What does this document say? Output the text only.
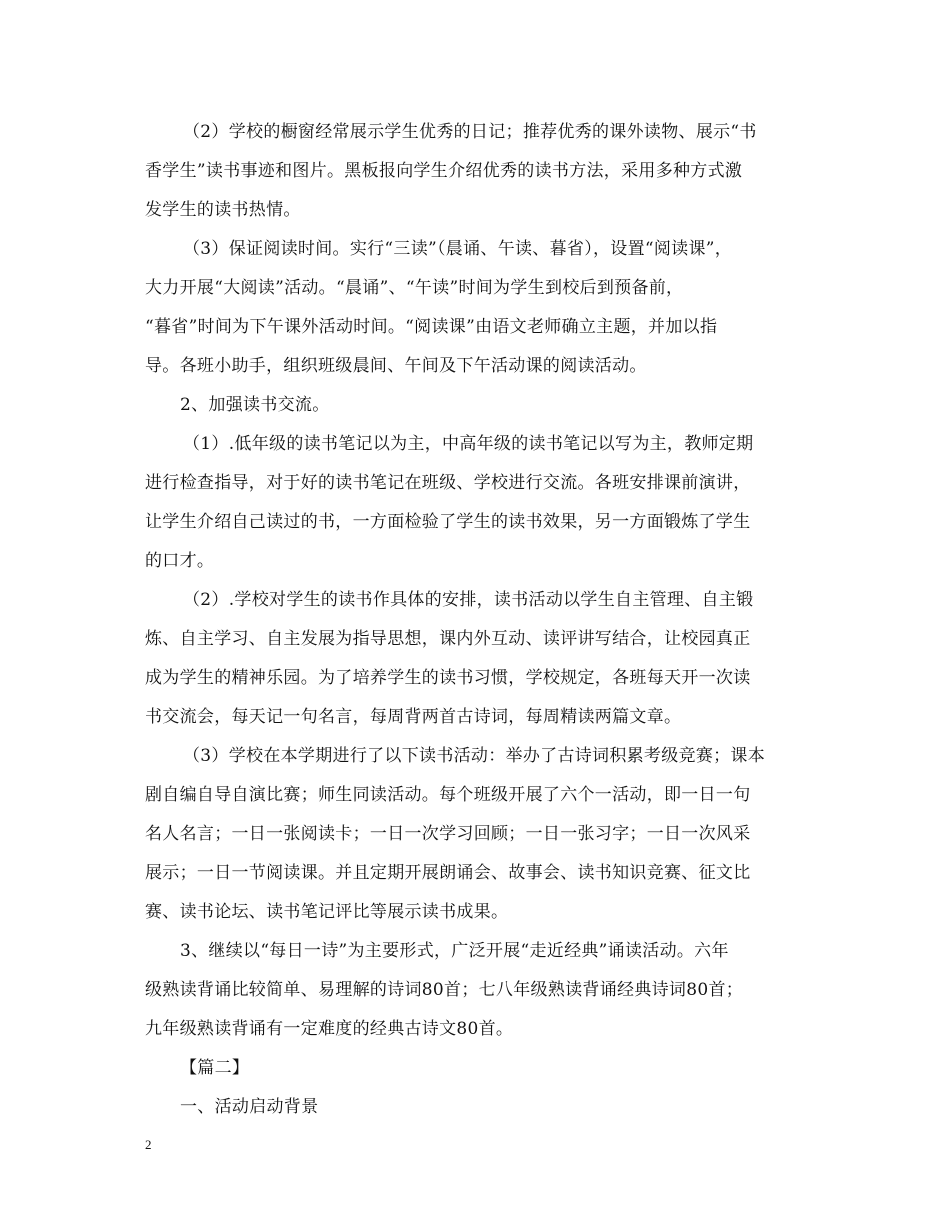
（2）学校的橱窗经常展示学生优秀的日记；推荐优秀的课外读物、展示“书
香学生”读书事迹和图片。黑板报向学生介绍优秀的读书方法，采用多种方式激
发学生的读书热情。
（3）保证阅读时间。实行“三读”（晨诵、午读、暮省），设置“阅读课”，
大力开展“大阅读”活动。“晨诵”、“午读”时间为学生到校后到预备前，
“暮省”时间为下午课外活动时间。“阅读课”由语文老师确立主题，并加以指
导。各班小助手，组织班级晨间、午间及下午活动课的阅读活动。
2、加强读书交流。
（1）.低年级的读书笔记以为主，中高年级的读书笔记以写为主，教师定期
进行检查指导，对于好的读书笔记在班级、学校进行交流。各班安排课前演讲，
让学生介绍自己读过的书，一方面检验了学生的读书效果，另一方面锻炼了学生
的口才。
（2）.学校对学生的读书作具体的安排，读书活动以学生自主管理、自主锻
炼、自主学习、自主发展为指导思想，课内外互动、读评讲写结合，让校园真正
成为学生的精神乐园。为了培养学生的读书习惯，学校规定，各班每天开一次读
书交流会，每天记一句名言，每周背两首古诗词，每周精读两篇文章。
（3）学校在本学期进行了以下读书活动：举办了古诗词积累考级竞赛；课本
剧自编自导自演比赛；师生同读活动。每个班级开展了六个一活动，即一日一句
名人名言；一日一张阅读卡；一日一次学习回顾；一日一张习字；一日一次风采
展示；一日一节阅读课。并且定期开展朗诵会、故事会、读书知识竞赛、征文比
赛、读书论坛、读书笔记评比等展示读书成果。
3、继续以“每日一诗”为主要形式，广泛开展“走近经典”诵读活动。六年
级熟读背诵比较简单、易理解的诗词80首；七八年级熟读背诵经典诗词80首；
九年级熟读背诵有一定难度的经典古诗文80首。
【篇二】
一、活动启动背景
2
